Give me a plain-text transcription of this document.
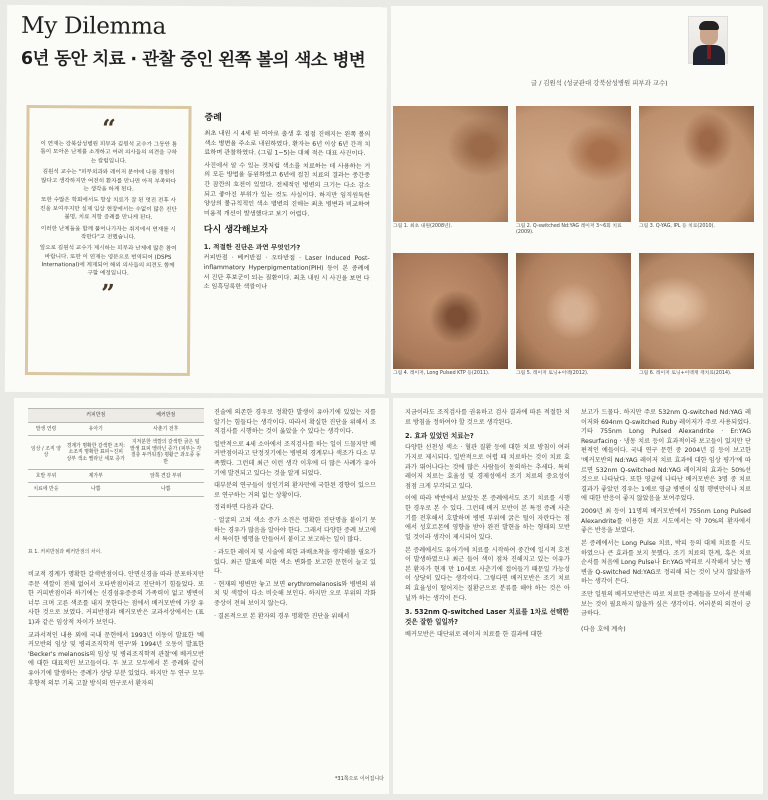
My Dilemma
6년 동안 치료 · 관찰 중인 왼쪽 볼의 색소 병변
“

이 연재는 강북삼성병원 피부과 김원석 교수가 그동안 틈틈이 모아온 난제를 소개하고 어려 의사들의 의견을 구하는 칼럼입니다.

김원석 교수는 "피부외과와 레이저 분야에 나름 경험이 많다고 생각하지만 여전히 환자를 만나면 아직 부족하다는 생각을 하게 된다.

또한 수많은 학회에서도 항상 치료가 잘 된 멋진 전후 사진을 보여주지만 실제 임상 현장에서는 수없이 많은 진단 불명, 치료 저항 증례를 만나게 된다.

이러한 난제들을 함께 풀어나가자는 취지에서 연재를 시작한다"고 전했습니다.

앞으로 김원석 교수가 제시하는 피부과 난제에 많은 참여 바랍니다. 또한 이 연재는 영문으로 번역되어 (DSPS International)에 게재되어 해외 의사들의 의견도 함께 구할 예정입니다.

”
증례

최초 내원 시 4세 된 여아로 출생 후 점점 진해지는 왼쪽 볼의 색소 병변을 주소로 내원하였다. 환자는 6년 이상 6년 간격 치료하며 관찰하였다. (그림 1~5)는 대체 적은 대표 사진이다.

사진에서 알 수 있는 것처럼 색소를 치료하는 데 사용하는 거의 모든 방법을 동원하였고 6년에 걸친 치료의 결과는 중간중간 잠깐의 호전이 있었다. 전체적인 병변의 크기는 다소 감소되고 좋아진 부위가 있는 것도 사실이다. 하지만 임직원독한 양상의 불규칙적인 색소 병변의 진해는 최초 병변과 비교하여 미용적 개선이 발생했다고 보기 어렵다.

다시 생각해보자
1. 적절한 진단은 과연 무엇인가?

커피반점 · 베커반점 · 오타반점 · Laser Induced Post-inflammatory Hyperpigmentation(PIH) 등이 본 증례에서 진단 후보군이 되는 질환이다. 최초 내원 시 사진을 보면 다소 임흑딩룩한 색깔이나

글 / 김원석 (성균관대 강북삼성병원 피부과 교수)
그림 1. 최초 내원(2008년).	그림 2. Q-switched Nd:YAG 레이저 3~6회 치료(2009).
그림 3. Q-YAG, IPL 등 치료(2010).
그림 4. 레이저, Long Pulsed KTP 등(2011).	그림 5. 레이저 토닝+이맥(2012).	그림 6. 레이저 토닝+이맥재 재치료(2014).
	커피반점	베커반점
발생 연령	유아기	사춘기 전후
임상 / 조직 양상	경계가 명확한 갈색반 조직: 소조직 명확한 표피~진피 상부 색소 멜라닌 세포 증가	지저분한 색깔의 갈색반 굵은 털 발생 표피 멜라닌 증가 (피부는 각질층 두꺼워짐) 평활근 과오종 동반
호발 부위	제가부	앞쪽 견갑 부위
치료에 반응	나쁨	나쁨
표 1. 커피반점과 베커반점의 차이.

비교적 경계가 명확한 갈색반점이다. 안면신경을 따라 분포하지만 주문 색깔이 전체 없어서 오타반점이라고 진단하기 힘들었다. 또한 커피반점이라 하기에는 신경섬유증증의 가족력이 없고 병변이 너무 크며 고른 색조를 내지 못한다는 점에서 베커모반에 가장 유사한 것으로 보였다. 커피반점과 베커모반은 교과서상에서는 (표 1)과 같은 임상적 차이가 보인다.

교과서적인 내용 외에 국내 문헌에서 1993년 이동이 발표한 '베커모반의 임상 및 병리조직학적 연구'와 1994년 오동이 발표한 'Becker's melanosis의 임상 및 병리조직학적 관찰'에 베커모반에 대한 대표적인 보고들이다. 두 보고 모두에서 본 증례와 같이 유아기에 발생하는 증례가 상당 부분 있었다. 하지만 두 연구 모두 후향적 의무 기록 고찰 방식의 연구로서 환자의

진술에 의존한 경우로 정확한 발생이 유아기에 있었는 지를 알기는 힘들다는 생각이다. 따라서 확실한 진단을 위해서 조직검사를 시행하는 것이 옳았을 수 있다는 생각이다.

일반적으로 4세 소아에서 조직검사를 하는 일이 드물지만 베커반점이라고 단정짓기에는 병변의 경계부나 색조가 다소 부족했다. 그런데 최근 이런 생각 이후에 더 많은 사례가 유아기에 발견되고 있다는 것을 알게 되었다.

대부분의 연구들이 성인기의 환자만에 국한된 경향이 있으므로 연구하는 거의 없는 상황이다.

정리하면 다음과 같다.

· 얼굴의 고쳐 색소 증가 소견은 명확한 진단명을 붙이기 못하는 경우가 많음을 알아야 한다. 그래서 다양한 증례 보고에서 특이한 병명을 만들어서 붙이고 보고하는 일이 많다.

· 과도한 레이저 및 시술에 의한 과배초착을 생각해볼 필요가 있다. 최근 발표에 의한 색소 변화를 보고한 문헌이 늘고 있다.

· 현재의 병변만 놓고 보면 erythromelanosis와 병변의 위치 및 색깔이 다소 비슷해 보인다. 하지만 오로 부위의 각화 중상이 전혀 보이지 않는다.

· 결론적으로 본 환자의 경우 명확한 진단을 위해서

*31쪽으로 이어집니다

지금이라도 조직검사를 권유하고 검사 결과에 따른 적절한 치료 방침을 정하여야 할 것으로 생각된다.

2. 효과 있었던 치료는?

다양한 선천성 색소 · 혈관 질환 등에 대한 치료 방침이 여러 가지로 제시되다. 일반적으로 어렵 때 치료하는 것이 치료 효과가 뛰어나다는 것에 많은 사람들이 동의하는 추세다. 특히 레이저 치료는 효율성 및 경제성에서 조기 치료의 중요성이 점점 크게 부각되고 있다.

이에 따라 박반에서 보았듯 본 증례에서도 조기 치료를 시행한 경우로 본 수 있다. 그런데 베커 모반이 본 특정 증례 사춘기를 전후해서 호발하며 병변 부위에 굵은 털이 자란다는 점에서 성호르몬에 영향을 받아 완전 발현을 하는 형태의 모반일 것이라 생각이 제시되어 있다.

본 증례에서도 유아기에 치료를 시작하여 중간에 일시적 호전이 발생하였으나 최근 들어 색이 점차 진해지고 있는 이유가 본 환자가 현재 만 10세로 사춘기에 접어들기 때문일 가능성이 상당히 있다는 생각이다. 그렇다면 베커모반은 조기 치료의 효율성이 떨어지는 질환군으로 분류를 해야 하는 것은 아닐까 하는 생각이 든다.

3. 532nm Q-switched Laser 치료를 1차로 선택한 것은 잘한 일일까?

베커모반은 대단위로 레이저 치료를 한 결과에 대한

보고가 드물다. 하지만 주로 532nm Q-switched Nd:YAG 레이저와 694nm Q-switched Ruby 레이저가 주로 사용되었다. 기타 755nm Long Pulsed Alexandrite · Er:YAG Resurfacing · 냉동 치료 등이 효과적이라 보고들이 있지만 단편적인 예들이다. 국내 연구 문헌 중 2004년 김 등이 보고한 '베커모반의 Nd:YAG 레이저 치료 효과에 대한 임상 평가'에 따르면 532nm Q-switched Nd:YAG 레이저의 효과는 50%선 것으로 나타났다. 또한 영글에 나타난 베커모반은 3명 중 치료 결과가 좋았던 경우는 1예로 영글 병변이 실험 행변만이나 치료에 대한 반응이 좋지 않았음을 보여주었다.

2009년 최 등이 11명의 베커모반에서 755nm Long Pulsed Alexandrite를 이용한 치료 시도에서는 약 70%의 환자에서 좋은 반응을 보였다.

본 증례에서는 Long Pulse 치료, 박피 등의 대체 치료를 시도하였으나 큰 효과를 보지 못했다. 조기 치료의 한계, 혹은 치료 순서를 처음에 Long Pulse나 Er:YAG 박피로 시작해서 낫는 병변을 Q-switched Nd:YAG로 정리해 되는 것이 낫지 않았을까 하는 생각이 든다.

조만 일원의 베커모반만은 따로 치료한 증례들을 모아서 분석해보는 것이 필요하지 않을까 싶은 생각이다. 여러분의 의견이 궁금하다.

(다음 호에 계속)
